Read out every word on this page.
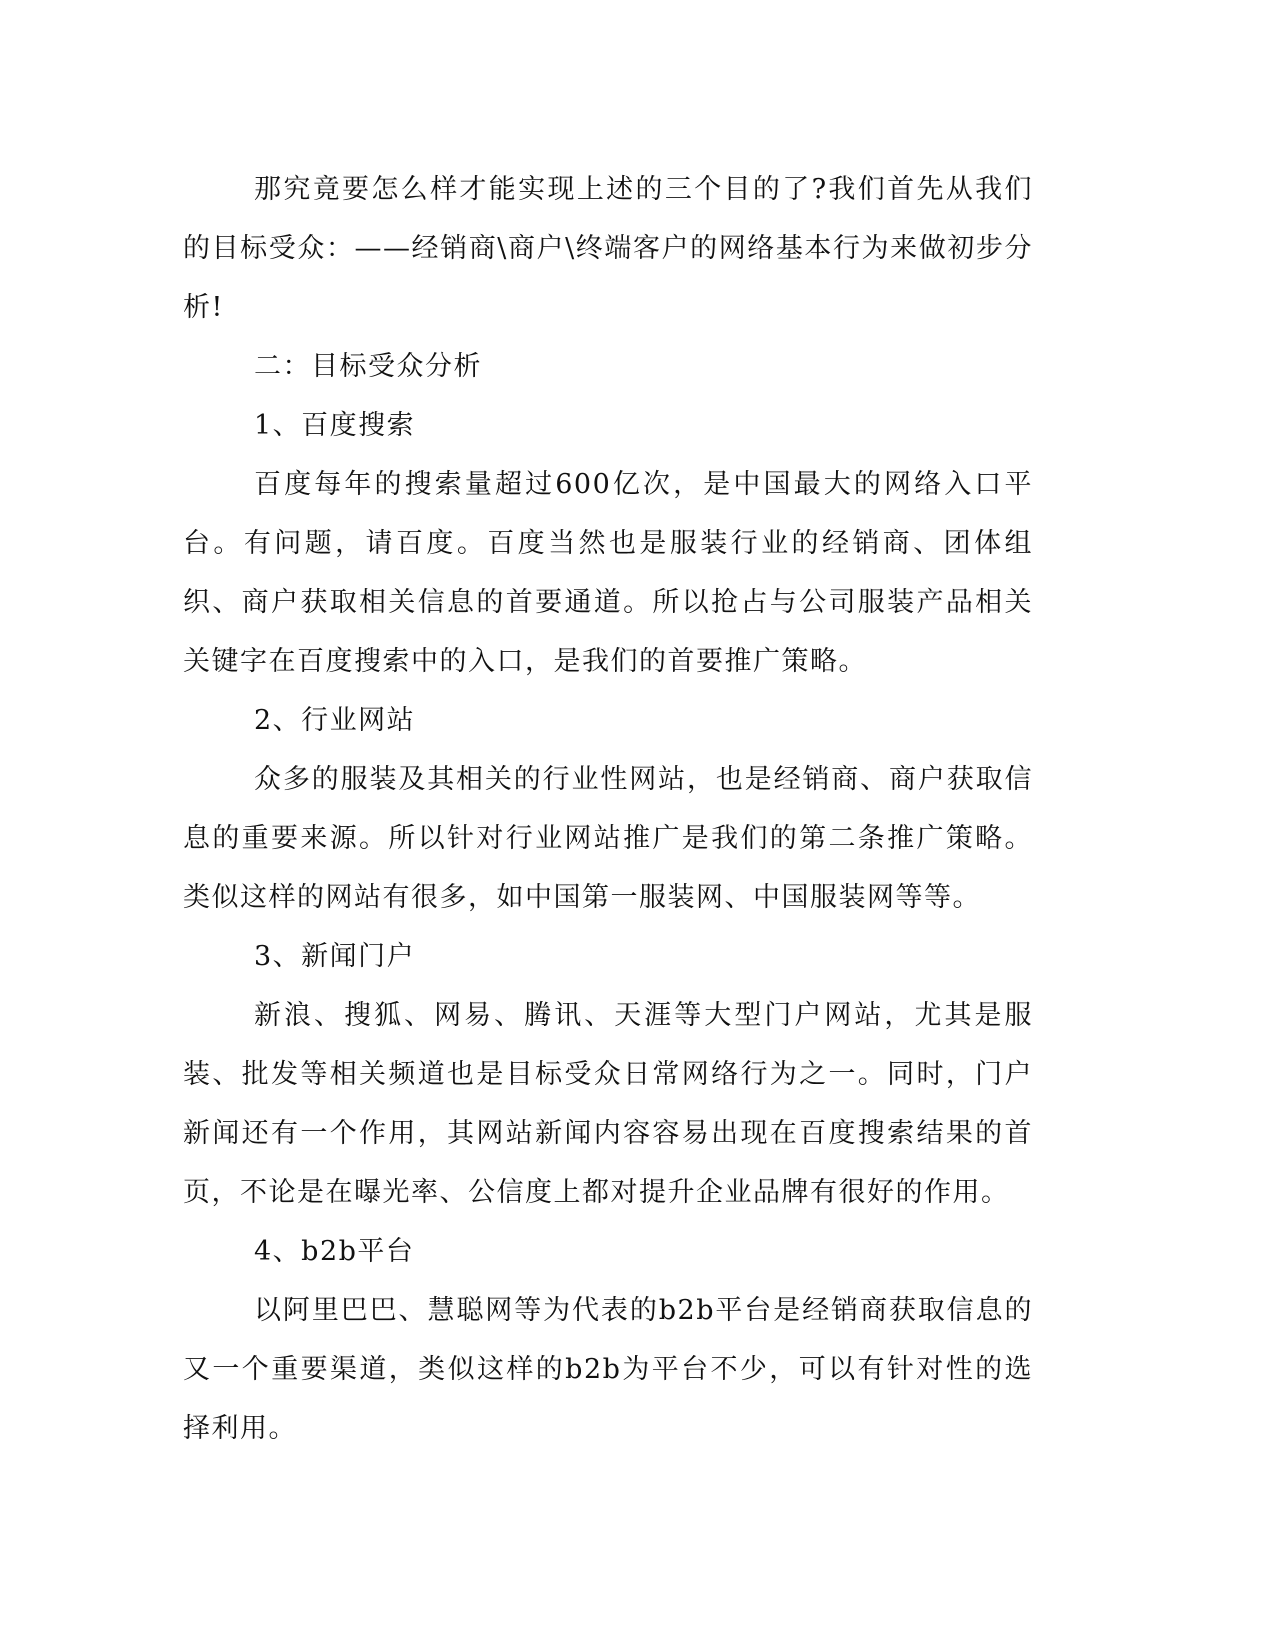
那究竟要怎么样才能实现上述的三个目的了?我们首先从我们的目标受众：——经销商\商户\终端客户的网络基本行为来做初步分析!

二：目标受众分析

1、百度搜索

百度每年的搜索量超过600亿次，是中国最大的网络入口平台。有问题，请百度。百度当然也是服装行业的经销商、团体组织、商户获取相关信息的首要通道。所以抢占与公司服装产品相关关键字在百度搜索中的入口，是我们的首要推广策略。

2、行业网站

众多的服装及其相关的行业性网站，也是经销商、商户获取信息的重要来源。所以针对行业网站推广是我们的第二条推广策略。类似这样的网站有很多，如中国第一服装网、中国服装网等等。

3、新闻门户

新浪、搜狐、网易、腾讯、天涯等大型门户网站，尤其是服装、批发等相关频道也是目标受众日常网络行为之一。同时，门户新闻还有一个作用，其网站新闻内容容易出现在百度搜索结果的首页，不论是在曝光率、公信度上都对提升企业品牌有很好的作用。

4、b2b平台

以阿里巴巴、慧聪网等为代表的b2b平台是经销商获取信息的又一个重要渠道，类似这样的b2b为平台不少，可以有针对性的选择利用。
